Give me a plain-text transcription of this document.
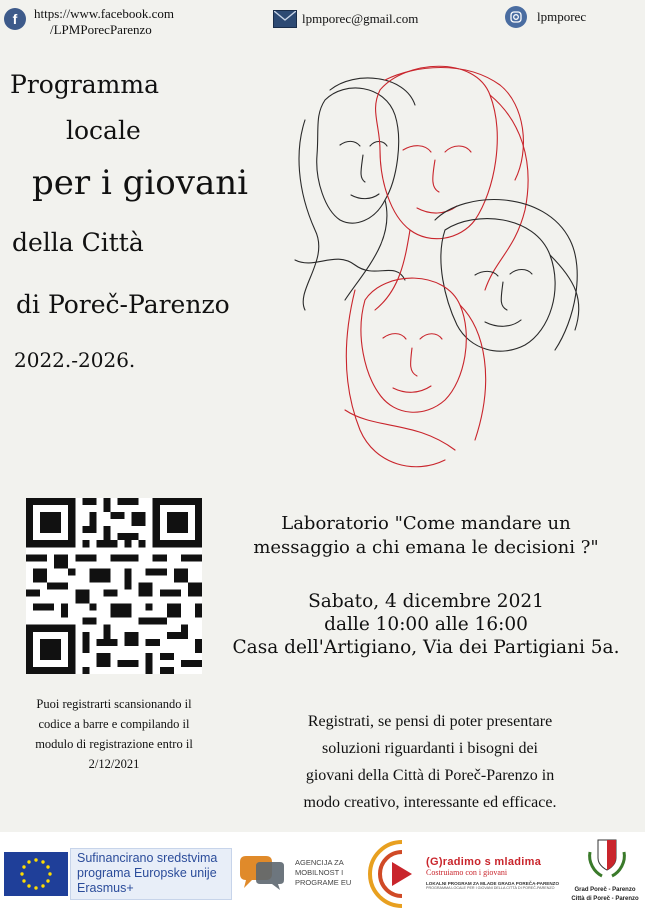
f	https://www.facebook.com
/LPMPorecParenzo
lpmporec@gmail.com	lpmporec
Programma
locale
per i giovani
della Città
di Poreč-Parenzo
2022.-2026.
Puoi registrarti scansionando il
codice a barre e compilando il
modulo di registrazione entro il
2/12/2021
Laboratorio "Come mandare un
messaggio a chi emana le decisioni ?"
Sabato, 4 dicembre 2021
dalle 10:00 alle 16:00
Casa dell'Artigiano, Via dei Partigiani 5a.
Registrati, se pensi di poter presentare
soluzioni riguardanti i bisogni dei
giovani della Città di Poreč-Parenzo in
modo creativo, interessante ed efficace.
Sufinancirano sredstvima
programa Europske unije
Erasmus+
AGENCIJA ZA
MOBILNOST I
PROGRAME EU
(G)radimo s mladima
Costruiamo con i giovani
LOKALNI PROGRAM ZA MLADE GRADA POREČA-PARENZO
PROGRAMMA LOCALE PER I GIOVANI DELLA CITTÀ DI POREČ-PARENZO	Grad Poreč - Parenzo
Città di Poreč - Parenzo
